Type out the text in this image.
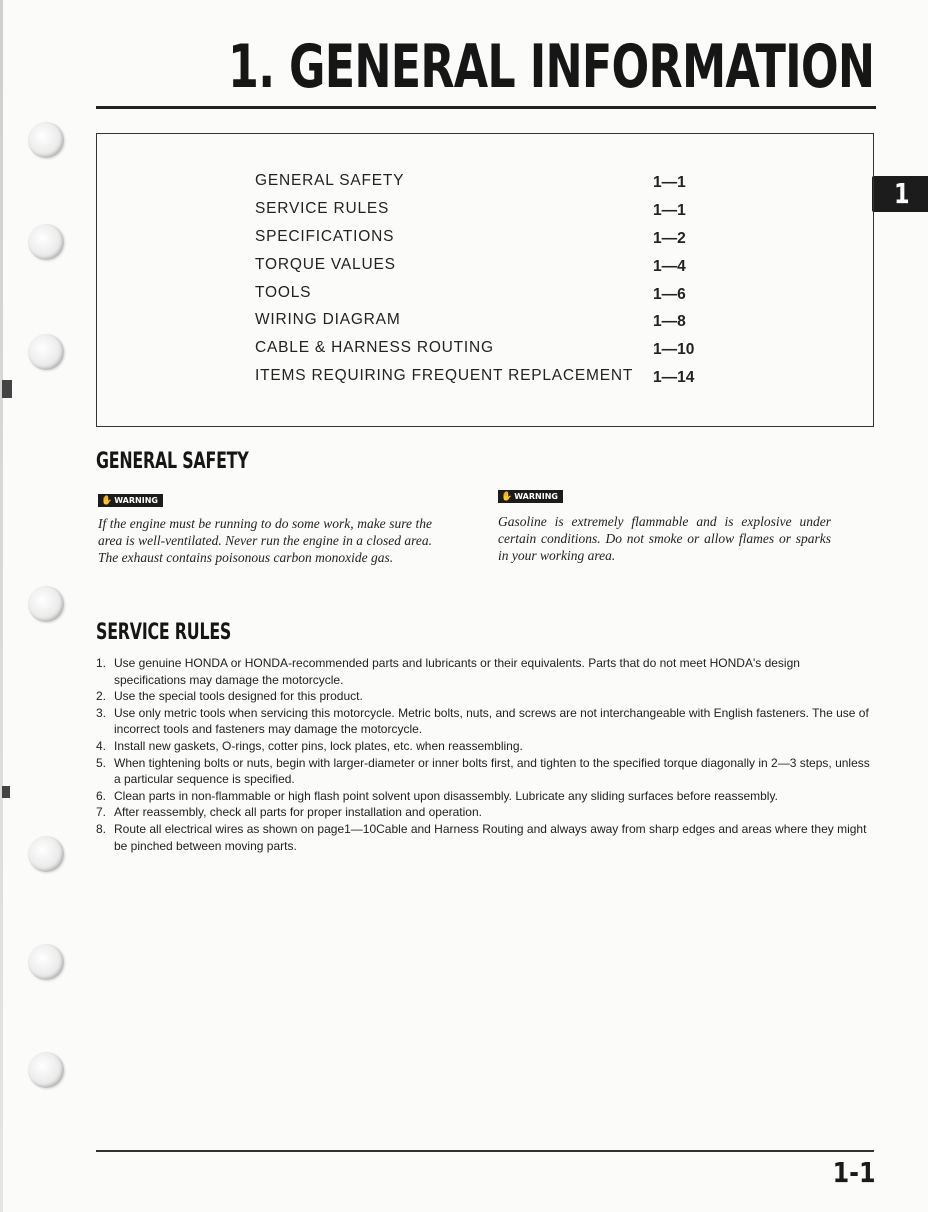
1. GENERAL INFORMATION
1
GENERAL SAFETY	1—1
SERVICE RULES	1—1
SPECIFICATIONS	1—2
TORQUE VALUES	1—4
TOOLS	1—6
WIRING DIAGRAM	1—8
CABLE & HARNESS ROUTING	1—10
ITEMS REQUIRING FREQUENT REPLACEMENT 1—14
GENERAL SAFETY
✋ WARNING

If the engine must be running to do some work, make sure the area is well-ventilated. Never run the engine in a closed area. The exhaust contains poisonous carbon monoxide gas.

✋ WARNING

Gasoline is extremely flammable and is explosive under certain conditions. Do not smoke or allow flames or sparks in your working area.

SERVICE RULES
1. Use genuine HONDA or HONDA-recommended parts and lubricants or their equivalents. Parts that do not meet HONDA's design specifications may damage the motorcycle.
2. Use the special tools designed for this product.
3. Use only metric tools when servicing this motorcycle. Metric bolts, nuts, and screws are not interchangeable with English fasteners. The use of incorrect tools and fasteners may damage the motorcycle.
4. Install new gaskets, O-rings, cotter pins, lock plates, etc. when reassembling.
5. When tightening bolts or nuts, begin with larger-diameter or inner bolts first, and tighten to the specified torque diagonally in 2—3 steps, unless a particular sequence is specified.
6. Clean parts in non-flammable or high flash point solvent upon disassembly. Lubricate any sliding surfaces before reassembly.
7. After reassembly, check all parts for proper installation and operation.
8. Route all electrical wires as shown on page1—10Cable and Harness Routing and always away from sharp edges and areas where they might be pinched between moving parts.

1-1
